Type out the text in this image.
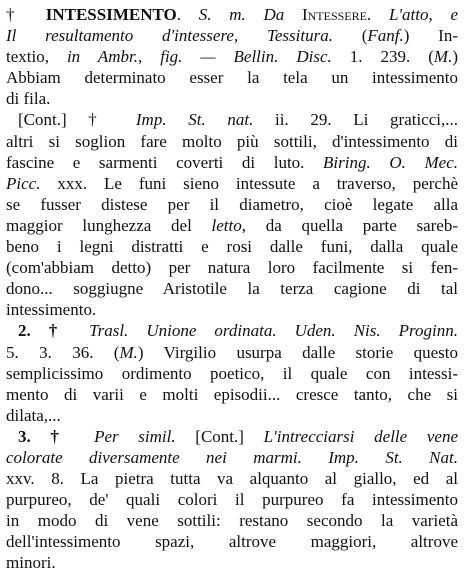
† INTESSIMENTO. S. m. Da Intessere. L'atto, e
Il resultamento d'intessere, Tessitura. (Fanf.) In-
textio, in Ambr., fig. — Bellin. Disc. 1. 239. (M.)
Abbiam determinato esser la tela un intessimento
di fila.
[Cont.] † Imp. St. nat. ii. 29. Li graticci,...
altri si soglion fare molto più sottili, d'intessimento di
fascine e sarmenti coverti di luto. Biring. O. Mec.
Picc. xxx. Le funi sieno intessute a traverso, perchè
se fusser distese per il diametro, cioè legate alla
maggior lunghezza del letto, da quella parte sareb-
beno i legni distratti e rosi dalle funi, dalla quale
(com'abbiam detto) per natura loro facilmente si fen-
dono... soggiugne Aristotile la terza cagione di tal
intessimento.
2. † Trasl. Unione ordinata. Uden. Nis. Proginn.
5. 3. 36. (M.) Virgilio usurpa dalle storie questo
semplicissimo ordimento poetico, il quale con intessi-
mento di varii e molti episodii... cresce tanto, che si
dilata,...
3. † Per simil. [Cont.] L'intrecciarsi delle vene
colorate diversamente nei marmi. Imp. St. Nat.
xxv. 8. La pietra tutta va alquanto al giallo, ed al
purpureo, de' quali colori il purpureo fa intessimento
in modo di vene sottili: restano secondo la varietà
dell'intessimento spazi, altrove maggiori, altrove
minori.
